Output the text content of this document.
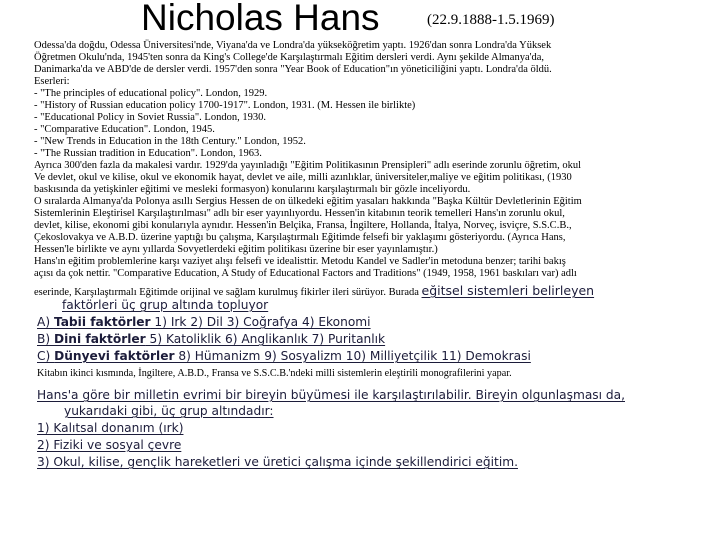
Nicholas Hans	(22.9.1888-1.5.1969)
Odessa'da doğdu, Odessa Üniversitesi'nde, Viyana'da ve Londra'da yükseköğretim yaptı. 1926'dan sonra Londra'da Yüksek
Öğretmen Okulu'nda, 1945'ten sonra da King's College'de Karşılaştırmalı Eğitim dersleri verdi. Aynı şekilde Almanya'da,
Danimarka'da ve ABD'de de dersler verdi. 1957'den sonra "Year Book of Education"ın yöneticiliğini yaptı. Londra'da öldü.
Eserleri:
- "The principles of educational policy". London, 1929.
- "History of Russian education policy 1700-1917". London, 1931. (M. Hessen ile birlikte)
- "Educational Policy in Soviet Russia". London, 1930.
- "Comparative Education". London, 1945.
- "New Trends in Education in the 18th Century." London, 1952.
- "The Russian tradition in Education". London, 1963.
Ayrıca 300'den fazla da makalesi vardır. 1929'da yayınladığı "Eğitim Politikasının Prensipleri" adlı eserinde zorunlu öğretim, okul
Ve devlet, okul ve kilise, okul ve ekonomik hayat, devlet ve aile, milli azınlıklar, üniversiteler,maliye ve eğitim politikası, (1930
baskısında da yetişkinler eğitimi ve mesleki formasyon) konularını karşılaştırmalı bir gözle inceliyordu.
O sıralarda Almanya'da Polonya asıllı Sergius Hessen de on ülkedeki eğitim yasaları hakkında "Başka Kültür Devletlerinin Eğitim
Sistemlerinin Eleştirisel Karşılaştırılması" adlı bir eser yayınlıyordu. Hessen'in kitabının teorik temelleri Hans'ın zorunlu okul,
devlet, kilise, ekonomi gibi konularıyla aynıdır. Hessen'in Belçika, Fransa, İngiltere, Hollanda, İtalya, Norveç, isviçre, S.S.C.B.,
Çekoslovakya ve A.B.D. üzerine yaptığı bu çalışma, Karşılaştırmalı Eğitimde felsefi bir yaklaşımı gösteriyordu. (Ayrıca Hans,
Hessen'le birlikte ve aynı yıllarda Sovyetlerdeki eğitim politikası üzerine bir eser yayınlamıştır.)
Hans'ın eğitim problemlerine karşı vaziyet alışı felsefi ve idealisttir. Metodu Kandel ve Sadler'in metoduna benzer; tarihi bakış
açısı da çok nettir. "Comparative Education, A Study of Educational Factors and Traditions" (1949, 1958, 1961 baskıları var) adlı
eserinde, Karşılaştırmalı Eğitimde orijinal ve sağlam kurulmuş fikirler ileri sürüyor. Burada eğitsel sistemleri belirleyen
faktörleri üç grup altında topluyor
A) Tabii faktörler 1) Irk 2) Dil 3) Coğrafya 4) Ekonomi
B) Dini faktörler 5) Katoliklik 6) Anglikanlık 7) Puritanlık
C) Dünyevi faktörler 8) Hümanizm 9) Sosyalizm 10) Milliyetçilik 11) Demokrasi
Kitabın ikinci kısmında, İngiltere, A.B.D., Fransa ve S.S.C.B.'ndeki milli sistemlerin eleştirili monografilerini yapar.
Hans'a göre bir milletin evrimi bir bireyin büyümesi ile karşılaştırılabilir. Bireyin olgunlaşması da,
yukarıdaki gibi, üç grup altındadır:
1) Kalıtsal donanım (ırk)
2) Fiziki ve sosyal çevre
3) Okul, kilise, gençlik hareketleri ve üretici çalışma içinde şekillendirici eğitim.
